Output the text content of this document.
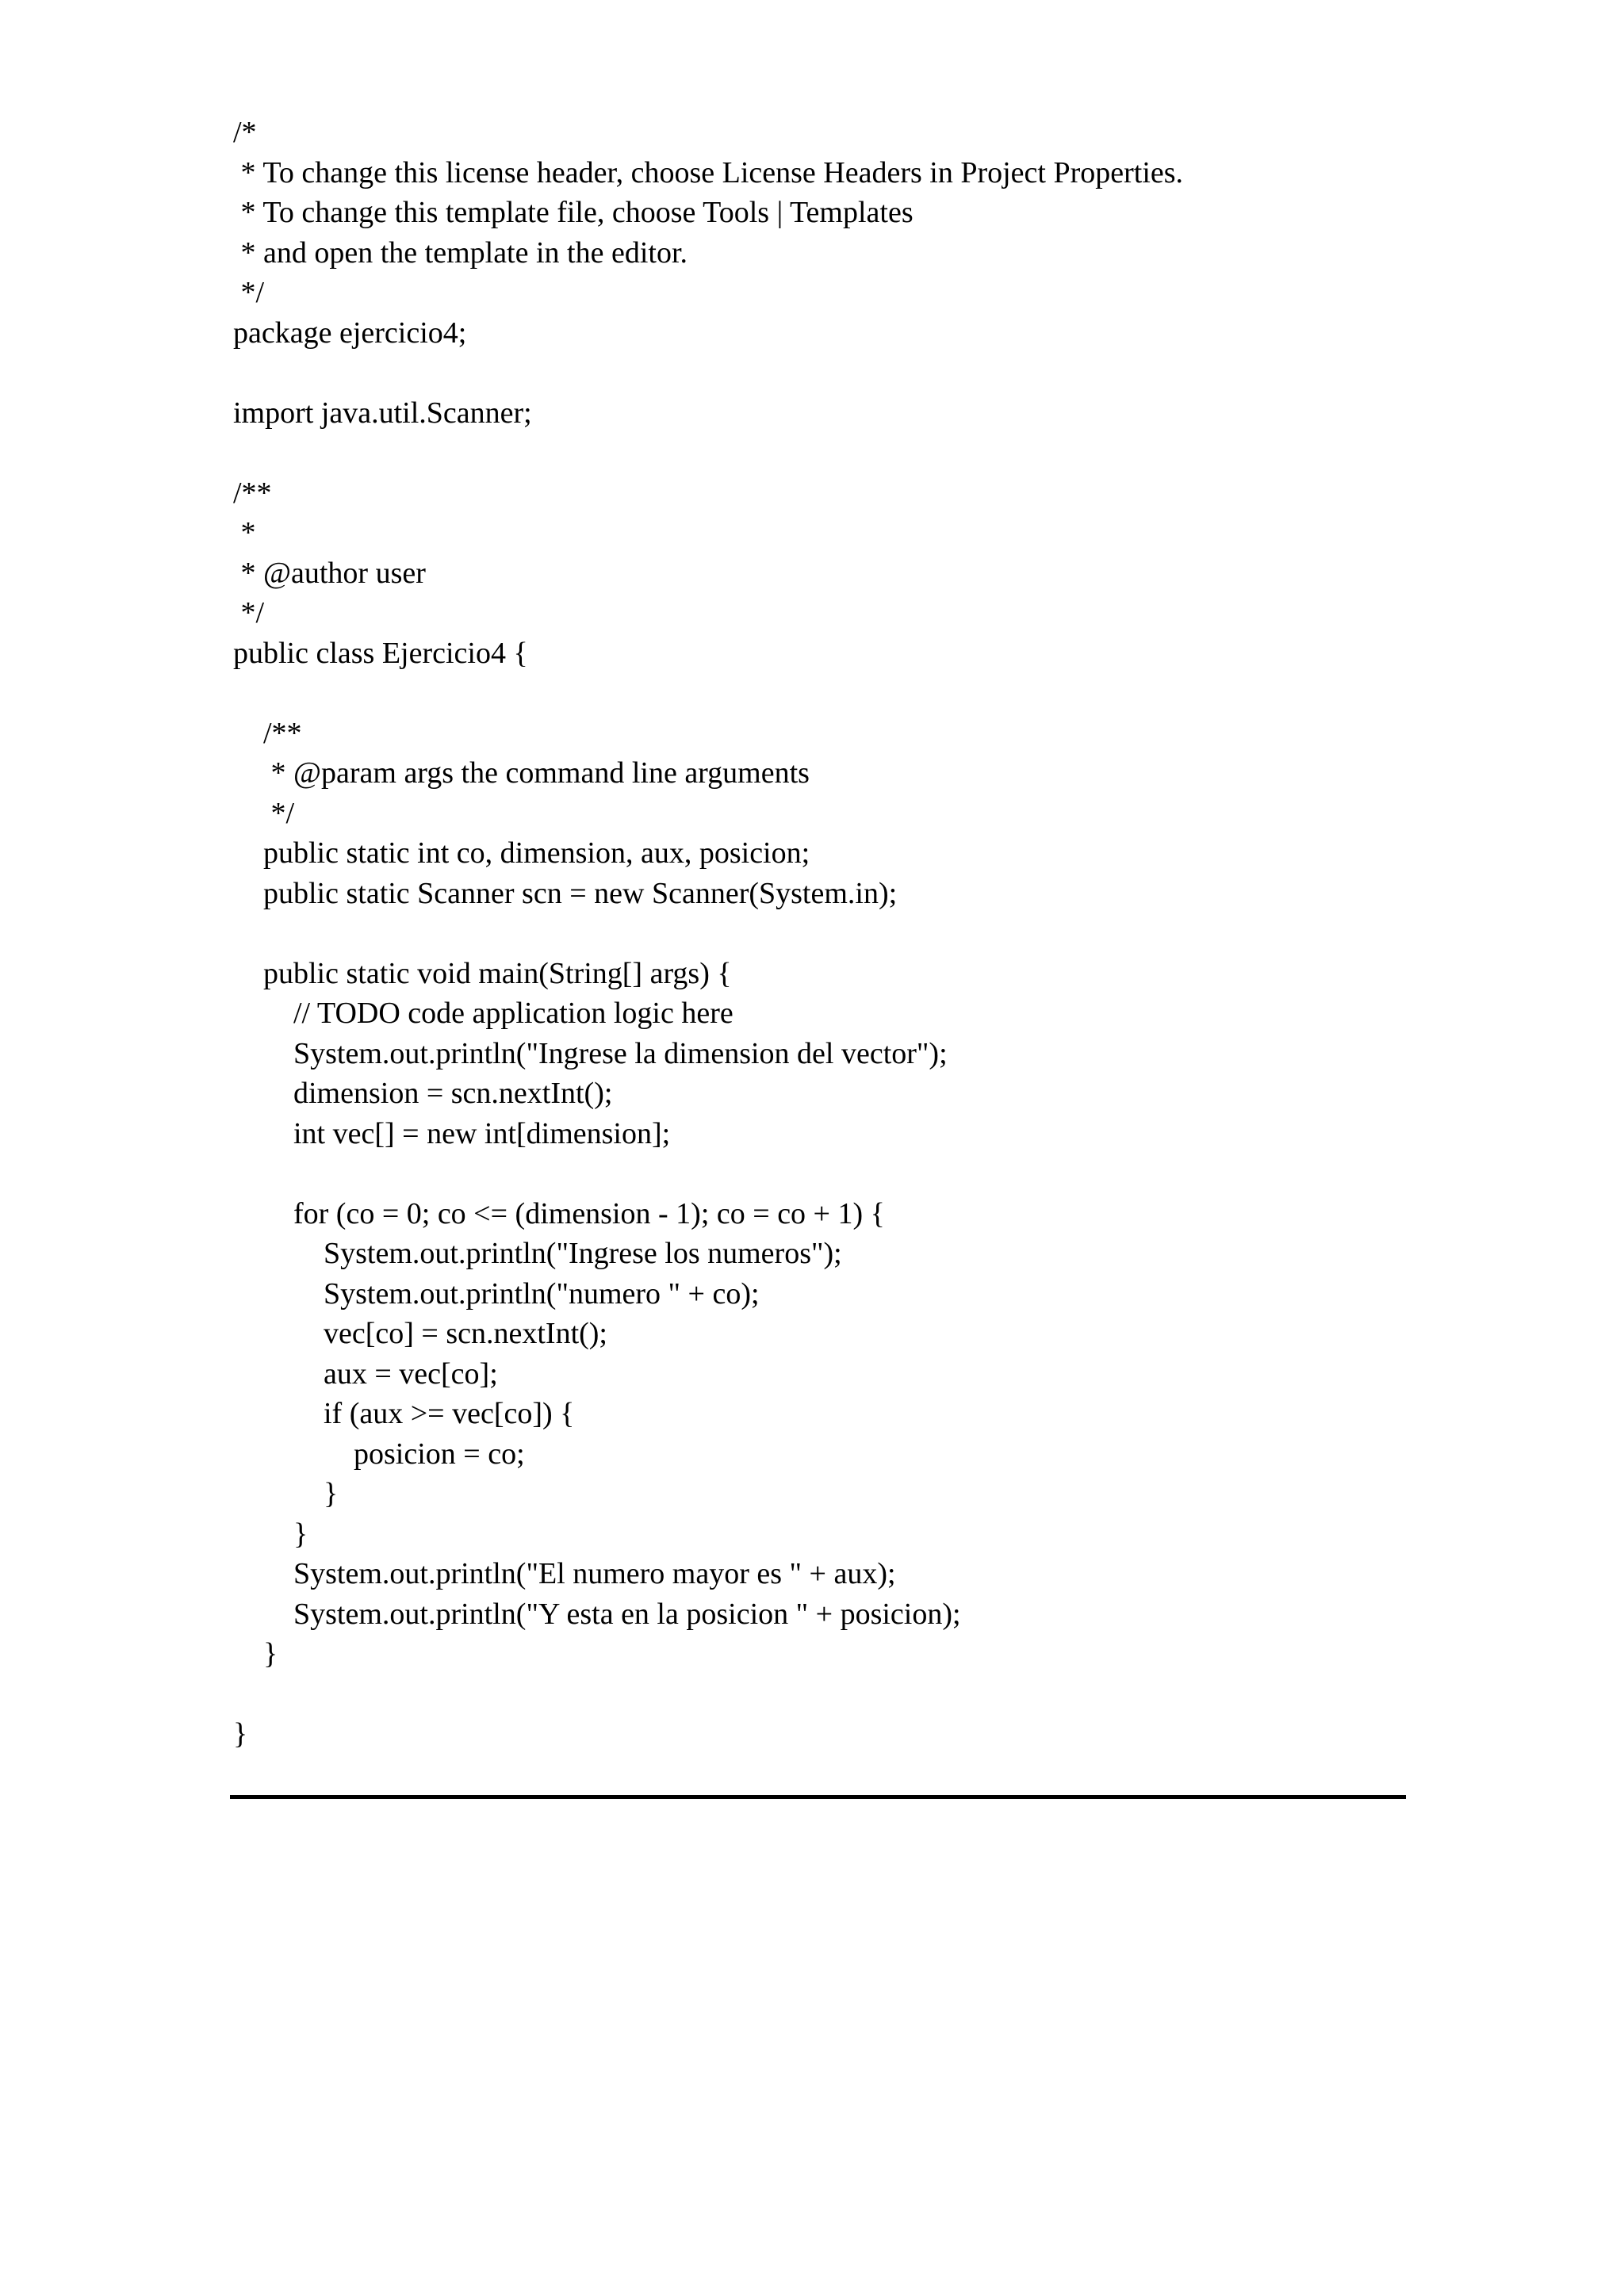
/*
* To change this license header, choose License Headers in Project Properties.
* To change this template file, choose Tools | Templates
* and open the template in the editor.
*/
package ejercicio4;
import java.util.Scanner;
/**
*
* @author user
*/
public class Ejercicio4 {
/**
* @param args the command line arguments
*/
public static int co, dimension, aux, posicion;
public static Scanner scn = new Scanner(System.in);
public static void main(String[] args) {
// TODO code application logic here
System.out.println("Ingrese la dimension del vector");
dimension = scn.nextInt();
int vec[] = new int[dimension];
for (co = 0; co <= (dimension - 1); co = co + 1) {
System.out.println("Ingrese los numeros");
System.out.println("numero " + co);
vec[co] = scn.nextInt();
aux = vec[co];
if (aux >= vec[co]) {
posicion = co;
}
}
System.out.println("El numero mayor es " + aux);
System.out.println("Y esta en la posicion " + posicion);
}
}
